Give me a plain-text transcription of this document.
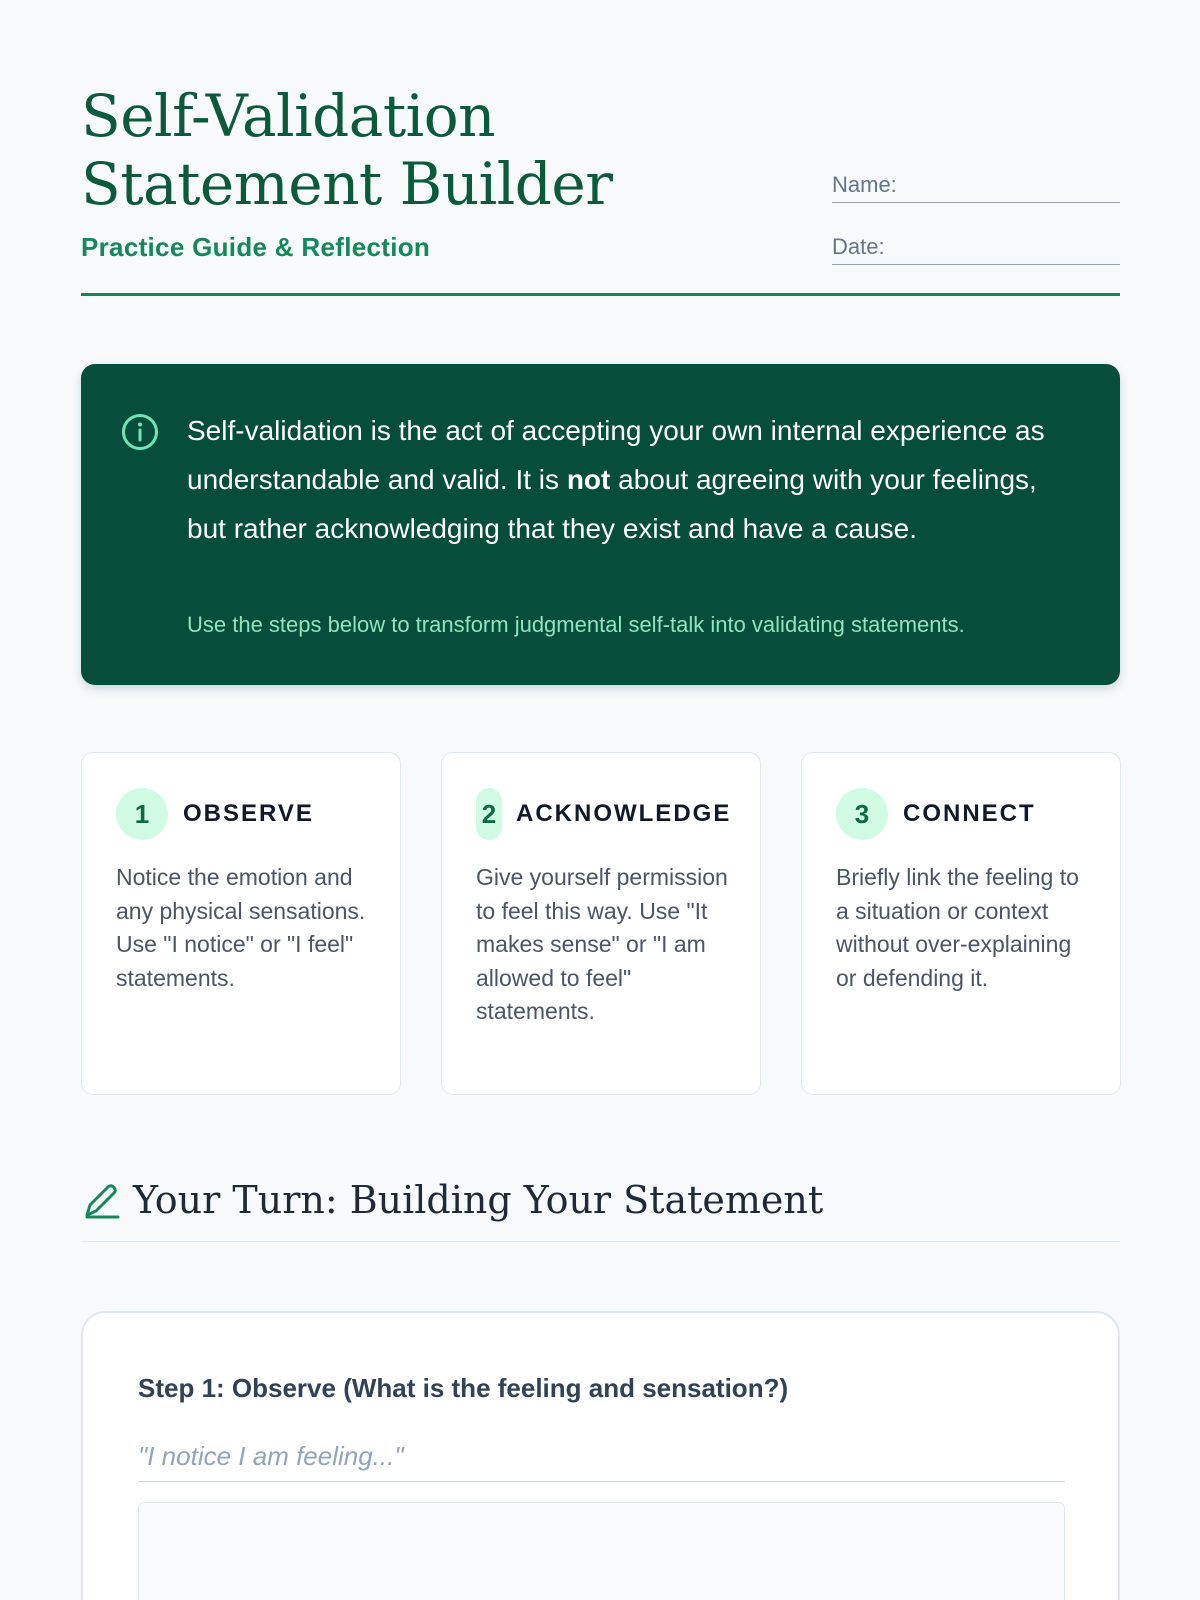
Self-Validation Statement Builder
Practice Guide & Reflection
Name:
Date:
Self-validation is the act of accepting your own internal experience as understandable and valid. It is not about agreeing with your feelings, but rather acknowledging that they exist and have a cause.
Use the steps below to transform judgmental self-talk into validating statements.
1	OBSERVE
Notice the emotion and any physical sensations. Use "I notice" or "I feel" statements.
2 ACKNOWLEDGE
Give yourself permission to feel this way. Use "It makes sense" or "I am allowed to feel" statements.
3	CONNECT
Briefly link the feeling to a situation or context without over-explaining or defending it.
Your Turn: Building Your Statement
Step 1: Observe (What is the feeling and sensation?)
"I notice I am feeling..."
